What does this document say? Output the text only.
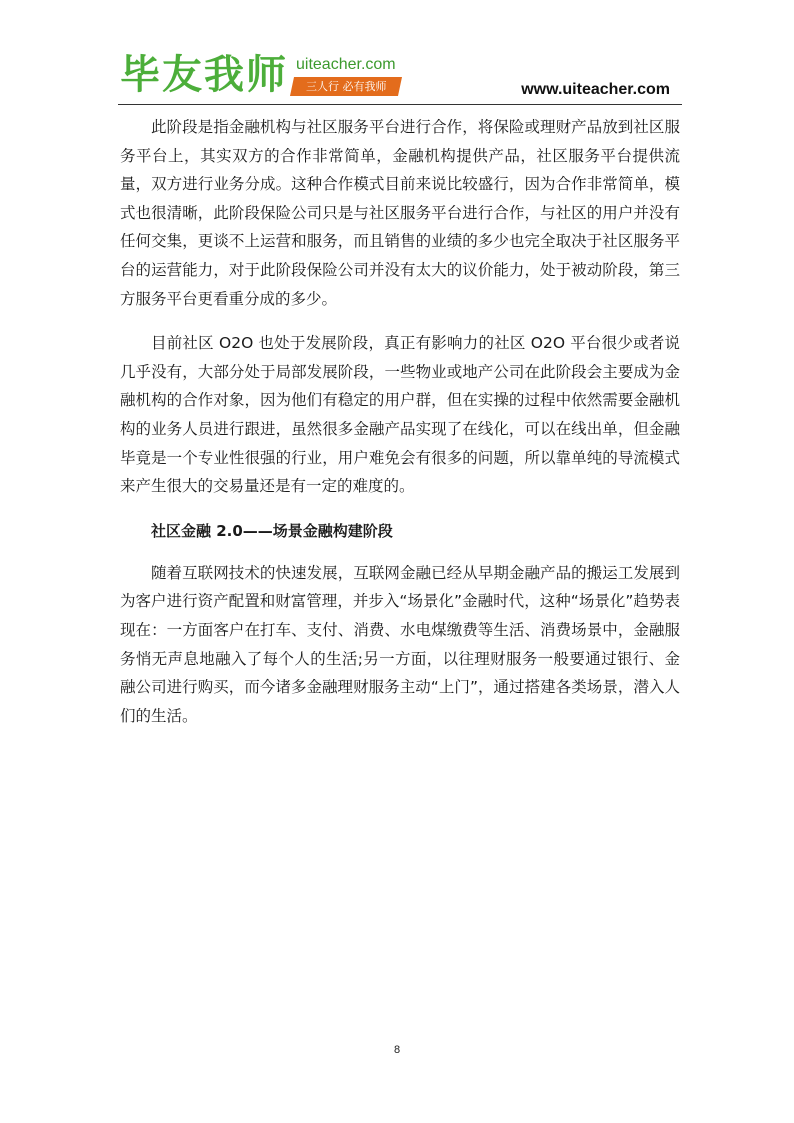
毕友我师 uiteacher.com
三人行 必有我师	www.uiteacher.com

此阶段是指金融机构与社区服务平台进行合作，将保险或理财产品放到社区服务平台上，其实双方的合作非常简单，金融机构提供产品，社区服务平台提供流量，双方进行业务分成。这种合作模式目前来说比较盛行，因为合作非常简单，模式也很清晰，此阶段保险公司只是与社区服务平台进行合作，与社区的用户并没有任何交集，更谈不上运营和服务，而且销售的业绩的多少也完全取决于社区服务平台的运营能力，对于此阶段保险公司并没有太大的议价能力，处于被动阶段，第三方服务平台更看重分成的多少。

目前社区 O2O 也处于发展阶段，真正有影响力的社区 O2O 平台很少或者说几乎没有，大部分处于局部发展阶段，一些物业或地产公司在此阶段会主要成为金融机构的合作对象，因为他们有稳定的用户群，但在实操的过程中依然需要金融机构的业务人员进行跟进，虽然很多金融产品实现了在线化，可以在线出单，但金融毕竟是一个专业性很强的行业，用户难免会有很多的问题，所以靠单纯的导流模式来产生很大的交易量还是有一定的难度的。

社区金融 2.0——场景金融构建阶段

随着互联网技术的快速发展，互联网金融已经从早期金融产品的搬运工发展到为客户进行资产配置和财富管理，并步入“场景化”金融时代，这种“场景化”趋势表现在：一方面客户在打车、支付、消费、水电煤缴费等生活、消费场景中，金融服务悄无声息地融入了每个人的生活;另一方面，以往理财服务一般要通过银行、金融公司进行购买，而今诸多金融理财服务主动“上门”，通过搭建各类场景，潜入人们的生活。

8
